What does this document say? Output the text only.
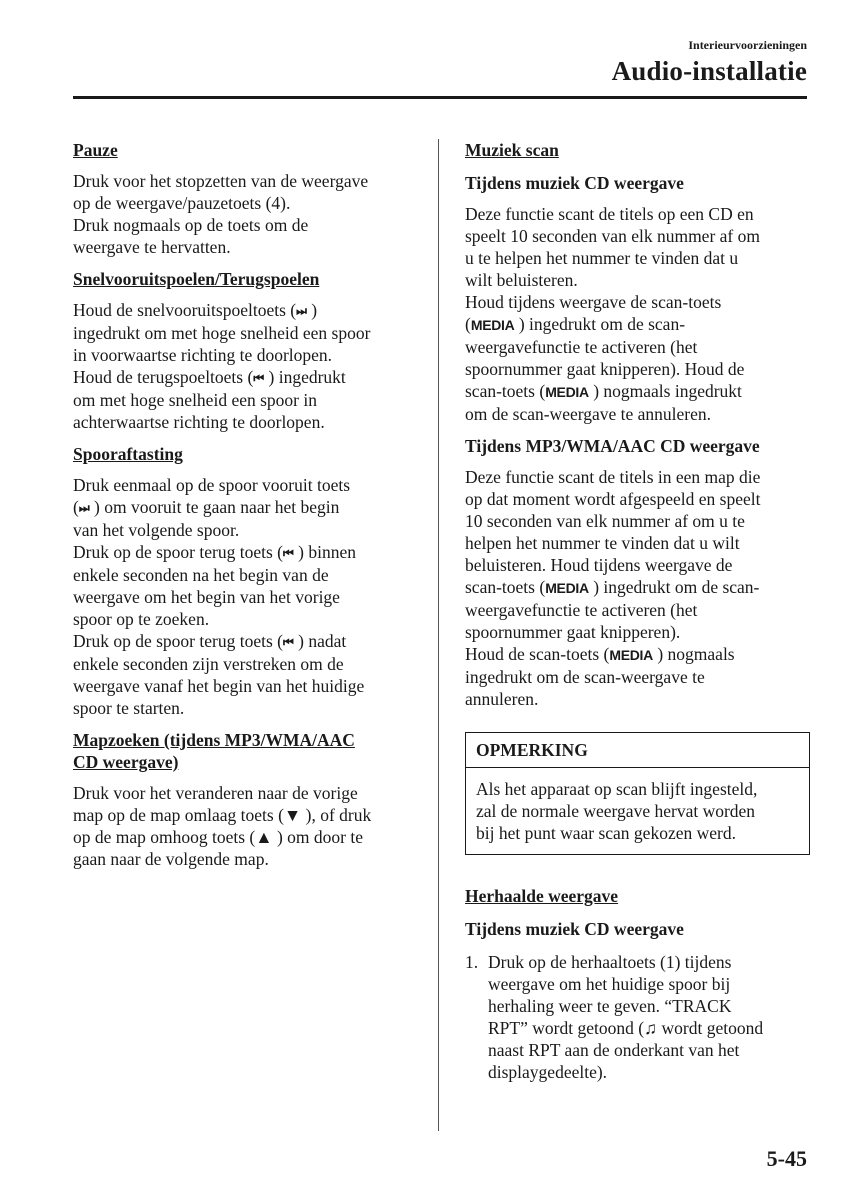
Interieurvoorzieningen
Audio-installatie
Pauze

Druk voor het stopzetten van de weergave

op de weergave/pauzetoets (4).

Druk nogmaals op de toets om de

weergave te hervatten.

Snelvooruitspoelen/Terugspoelen

Houd de snelvooruitspoeltoets (⏭ )

ingedrukt om met hoge snelheid een spoor

in voorwaartse richting te doorlopen.

Houd de terugspoeltoets (⏮ ) ingedrukt

om met hoge snelheid een spoor in

achterwaartse richting te doorlopen.

Spooraftasting

Druk eenmaal op de spoor vooruit toets

(⏭ ) om vooruit te gaan naar het begin

van het volgende spoor.

Druk op de spoor terug toets (⏮ ) binnen

enkele seconden na het begin van de

weergave om het begin van het vorige

spoor op te zoeken.

Druk op de spoor terug toets (⏮ ) nadat

enkele seconden zijn verstreken om de

weergave vanaf het begin van het huidige

spoor te starten.

Mapzoeken (tijdens MP3/WMA/AAC
CD weergave)

Druk voor het veranderen naar de vorige

map op de map omlaag toets (▼ ), of druk

op de map omhoog toets (▲ ) om door te

gaan naar de volgende map.

Muziek scan
Tijdens muziek CD weergave

Deze functie scant de titels op een CD en

speelt 10 seconden van elk nummer af om

u te helpen het nummer te vinden dat u

wilt beluisteren.

Houd tijdens weergave de scan-toets

(MEDIA ) ingedrukt om de scan-

weergavefunctie te activeren (het

spoornummer gaat knipperen). Houd de

scan-toets (MEDIA ) nogmaals ingedrukt

om de scan-weergave te annuleren.

Tijdens MP3/WMA/AAC CD weergave

Deze functie scant de titels in een map die

op dat moment wordt afgespeeld en speelt

10 seconden van elk nummer af om u te

helpen het nummer te vinden dat u wilt

beluisteren. Houd tijdens weergave de

scan-toets (MEDIA ) ingedrukt om de scan-

weergavefunctie te activeren (het

spoornummer gaat knipperen).

Houd de scan-toets (MEDIA ) nogmaals

ingedrukt om de scan-weergave te

annuleren.

OPMERKING

Als het apparaat op scan blijft ingesteld,

zal de normale weergave hervat worden

bij het punt waar scan gekozen werd.

Herhaalde weergave
Tijdens muziek CD weergave
1. Druk op de herhaaltoets (1) tijdens
weergave om het huidige spoor bij
herhaling weer te geven. “TRACK
RPT” wordt getoond (♫ wordt getoond
naast RPT aan de onderkant van het
displaygedeelte).
5-45
